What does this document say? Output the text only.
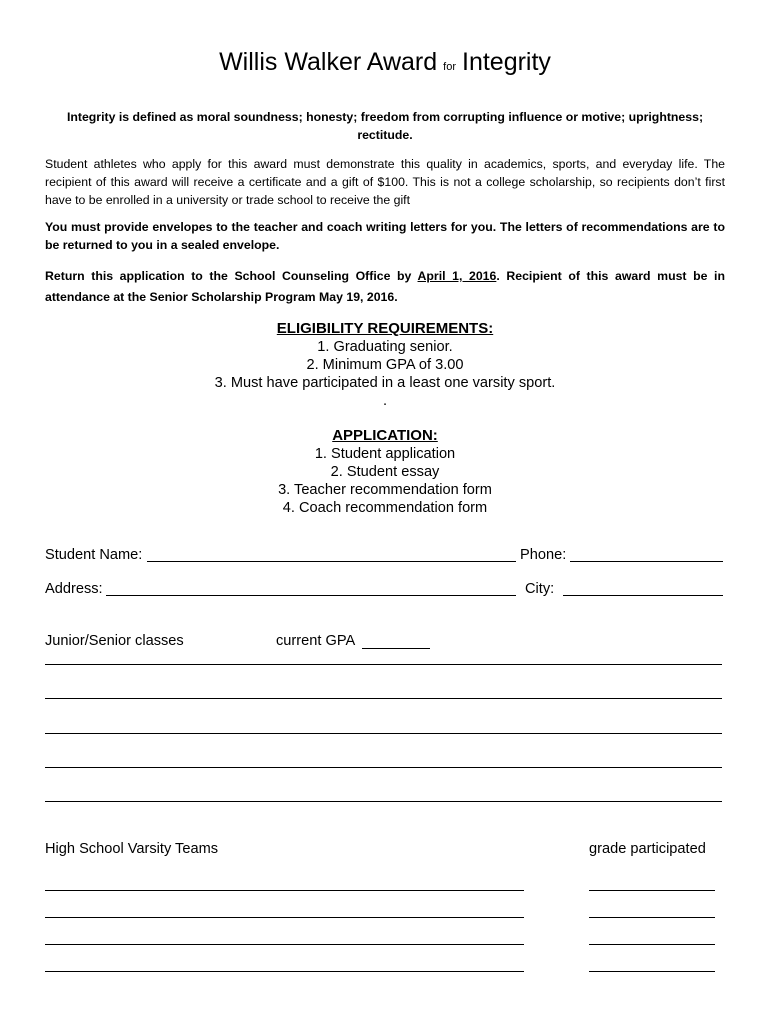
Willis Walker Award for Integrity
Integrity is defined as moral soundness; honesty; freedom from corrupting influence or motive; uprightness;
rectitude.
Student athletes who apply for this award must demonstrate this quality in academics, sports, and everyday life. The recipient of this award will receive a certificate and a gift of $100. This is not a college scholarship, so recipients don’t first have to be enrolled in a university or trade school to receive the gift
You must provide envelopes to the teacher and coach writing letters for you. The letters of recommendations are to be returned to you in a sealed envelope.
Return this application to the School Counseling Office by April 1, 2016. Recipient of this award must be in attendance at the Senior Scholarship Program May 19, 2016.
ELIGIBILITY REQUIREMENTS:
1. Graduating senior.
2. Minimum GPA of 3.00
3. Must have participated in a least one varsity sport.
.
APPLICATION:
1. Student application
2. Student essay
3. Teacher recommendation form
4. Coach recommendation form
Student Name:	Phone:
Address:	City:
Junior/Senior classes	current GPA
High School Varsity Teams	grade participated
